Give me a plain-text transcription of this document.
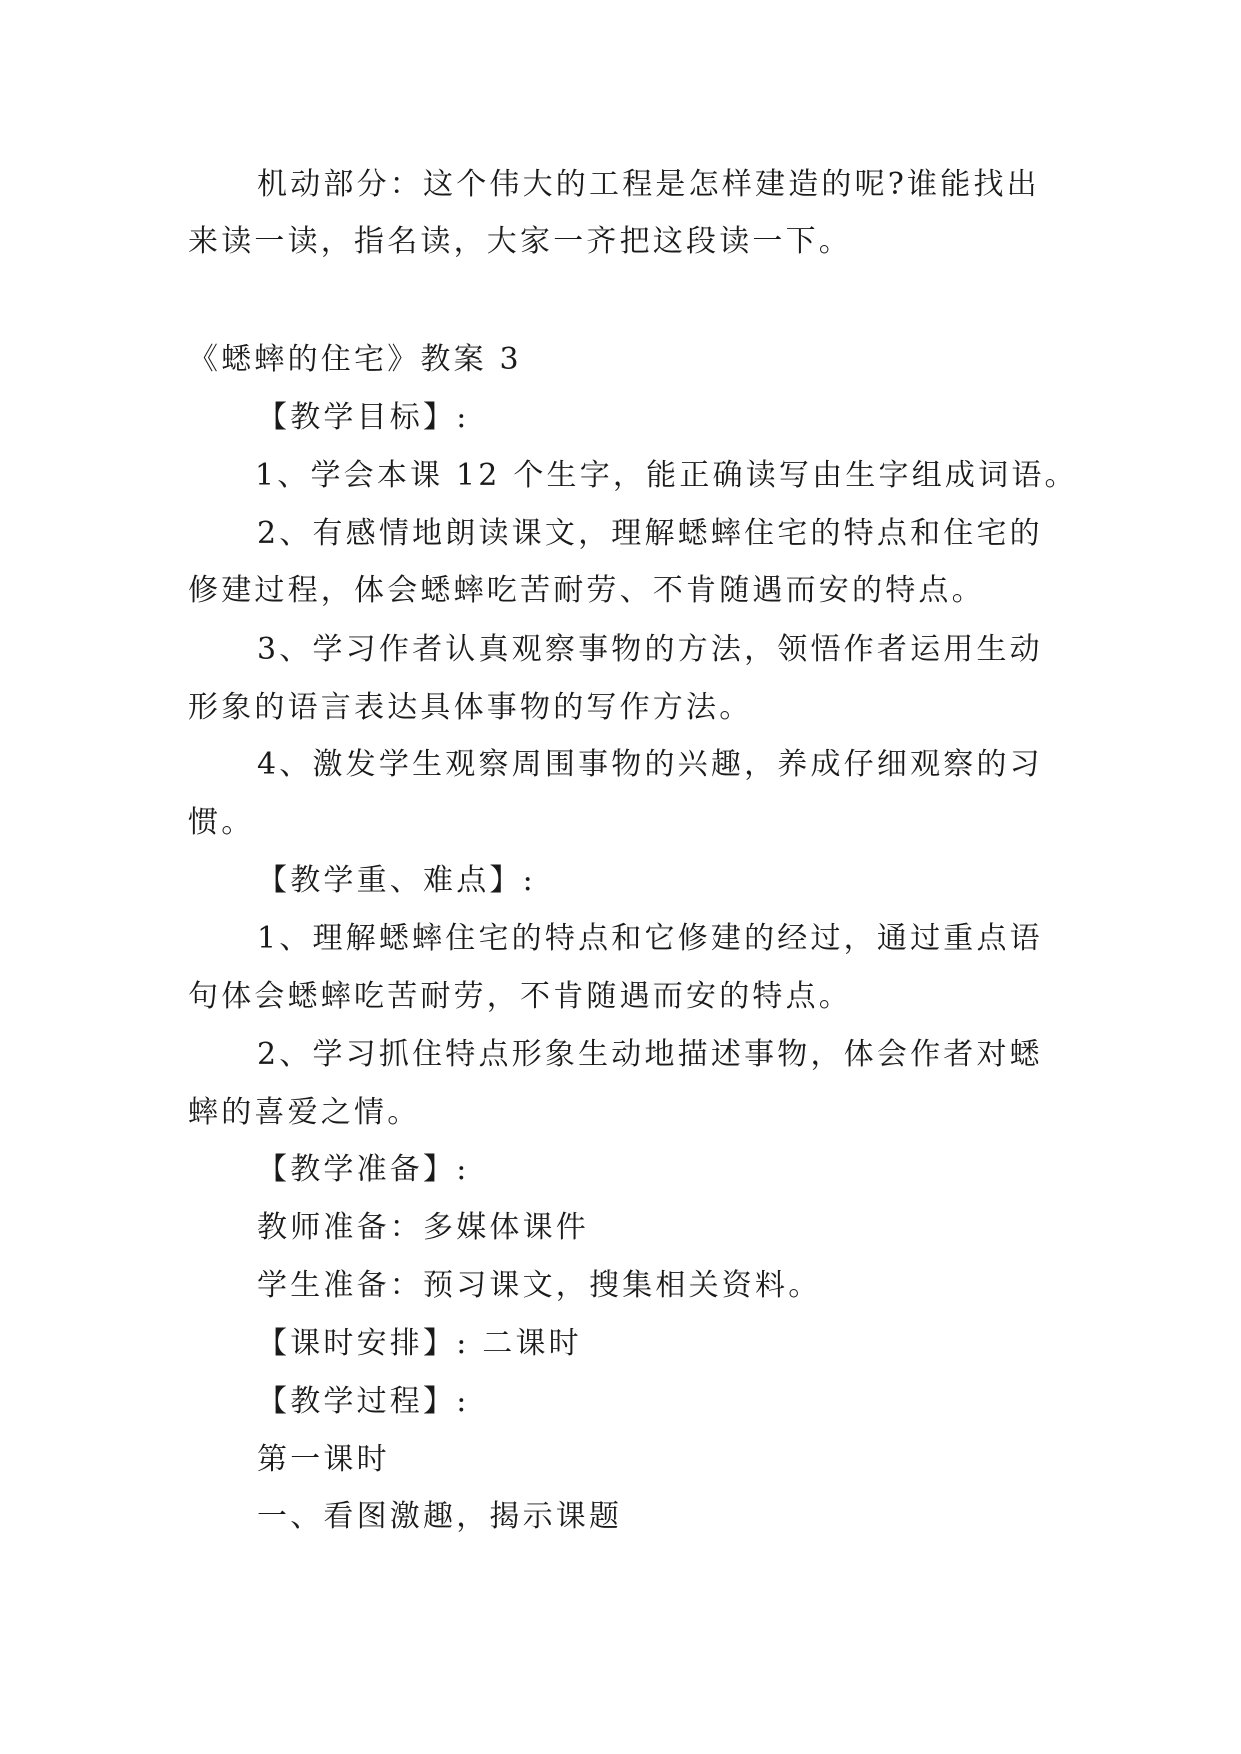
机动部分：这个伟大的工程是怎样建造的呢?谁能找出
来读一读，指名读，大家一齐把这段读一下。
《蟋蟀的住宅》教案 3
【教学目标】:
1、学会本课 12 个生字，能正确读写由生字组成词语。
2、有感情地朗读课文，理解蟋蟀住宅的特点和住宅的
修建过程，体会蟋蟀吃苦耐劳、不肯随遇而安的特点。
3、学习作者认真观察事物的方法，领悟作者运用生动
形象的语言表达具体事物的写作方法。
4、激发学生观察周围事物的兴趣，养成仔细观察的习
惯。
【教学重、难点】:
1、理解蟋蟀住宅的特点和它修建的经过，通过重点语
句体会蟋蟀吃苦耐劳，不肯随遇而安的特点。
2、学习抓住特点形象生动地描述事物，体会作者对蟋
蟀的喜爱之情。
【教学准备】:
教师准备：多媒体课件
学生准备：预习课文，搜集相关资料。
【课时安排】: 二课时
【教学过程】:
第一课时
一、看图激趣，揭示课题
